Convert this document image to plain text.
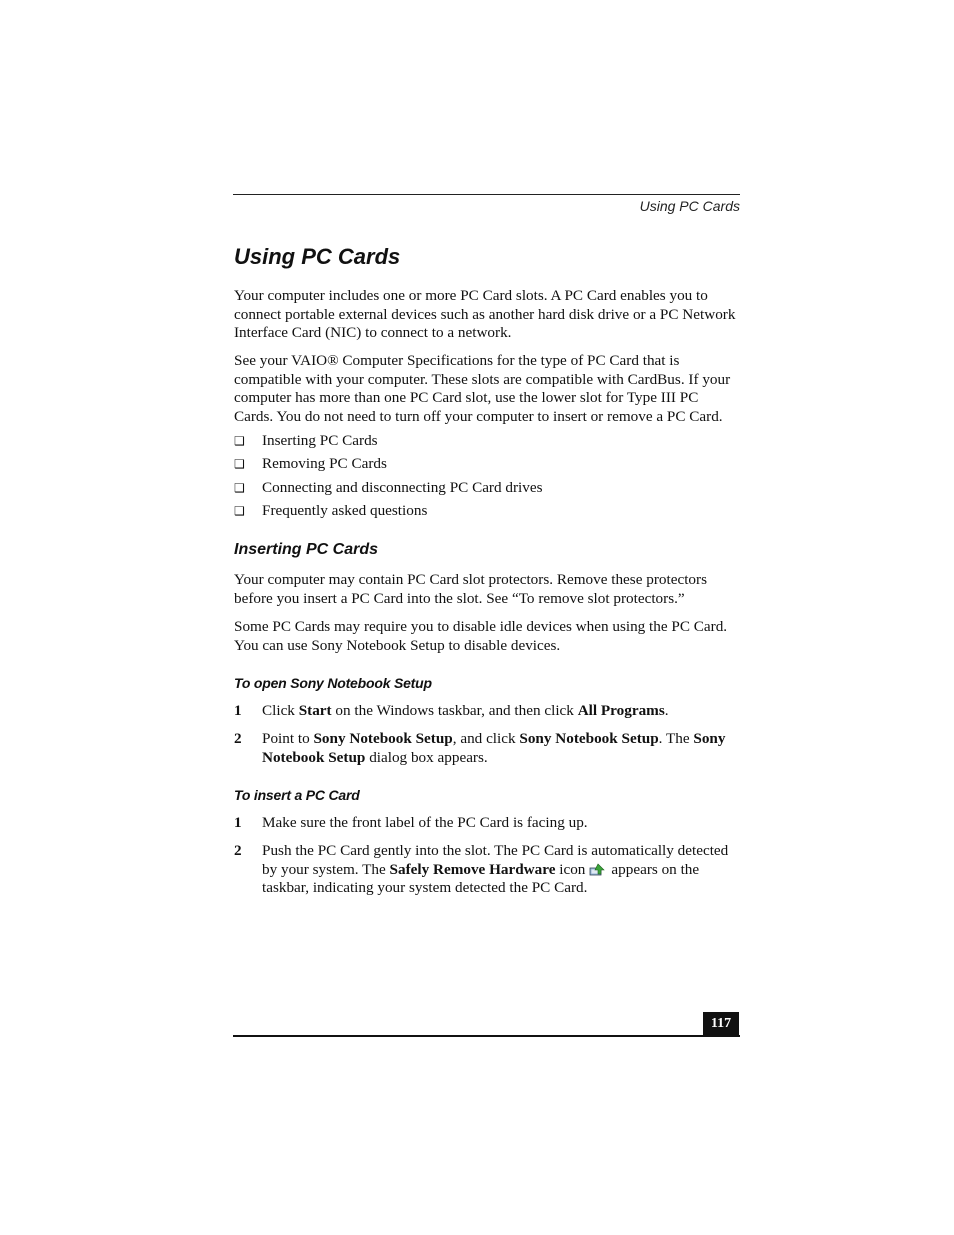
Using PC Cards
Using PC Cards

Your computer includes one or more PC Card slots. A PC Card enables you to connect portable external devices such as another hard disk drive or a PC Network Interface Card (NIC) to connect to a network.

See your VAIO® Computer Specifications for the type of PC Card that is compatible with your computer. These slots are compatible with CardBus. If your computer has more than one PC Card slot, use the lower slot for Type III PC Cards. You do not need to turn off your computer to insert or remove a PC Card.

❑	Inserting PC Cards
❑	Removing PC Cards
❑	Connecting and disconnecting PC Card drives
❑	Frequently asked questions
Inserting PC Cards

Your computer may contain PC Card slot protectors. Remove these protectors before you insert a PC Card into the slot. See “To remove slot protectors.”

Some PC Cards may require you to disable idle devices when using the PC Card. You can use Sony Notebook Setup to disable devices.

To open Sony Notebook Setup
1	Click Start on the Windows taskbar, and then click All Programs.
2	Point to Sony Notebook Setup, and click Sony Notebook Setup. The Sony Notebook Setup dialog box appears.
To insert a PC Card
1	Make sure the front label of the PC Card is facing up.
2	Push the PC Card gently into the slot. The PC Card is automatically detected by your system. The Safely Remove Hardware icon appears on the taskbar, indicating your system detected the PC Card.
117
